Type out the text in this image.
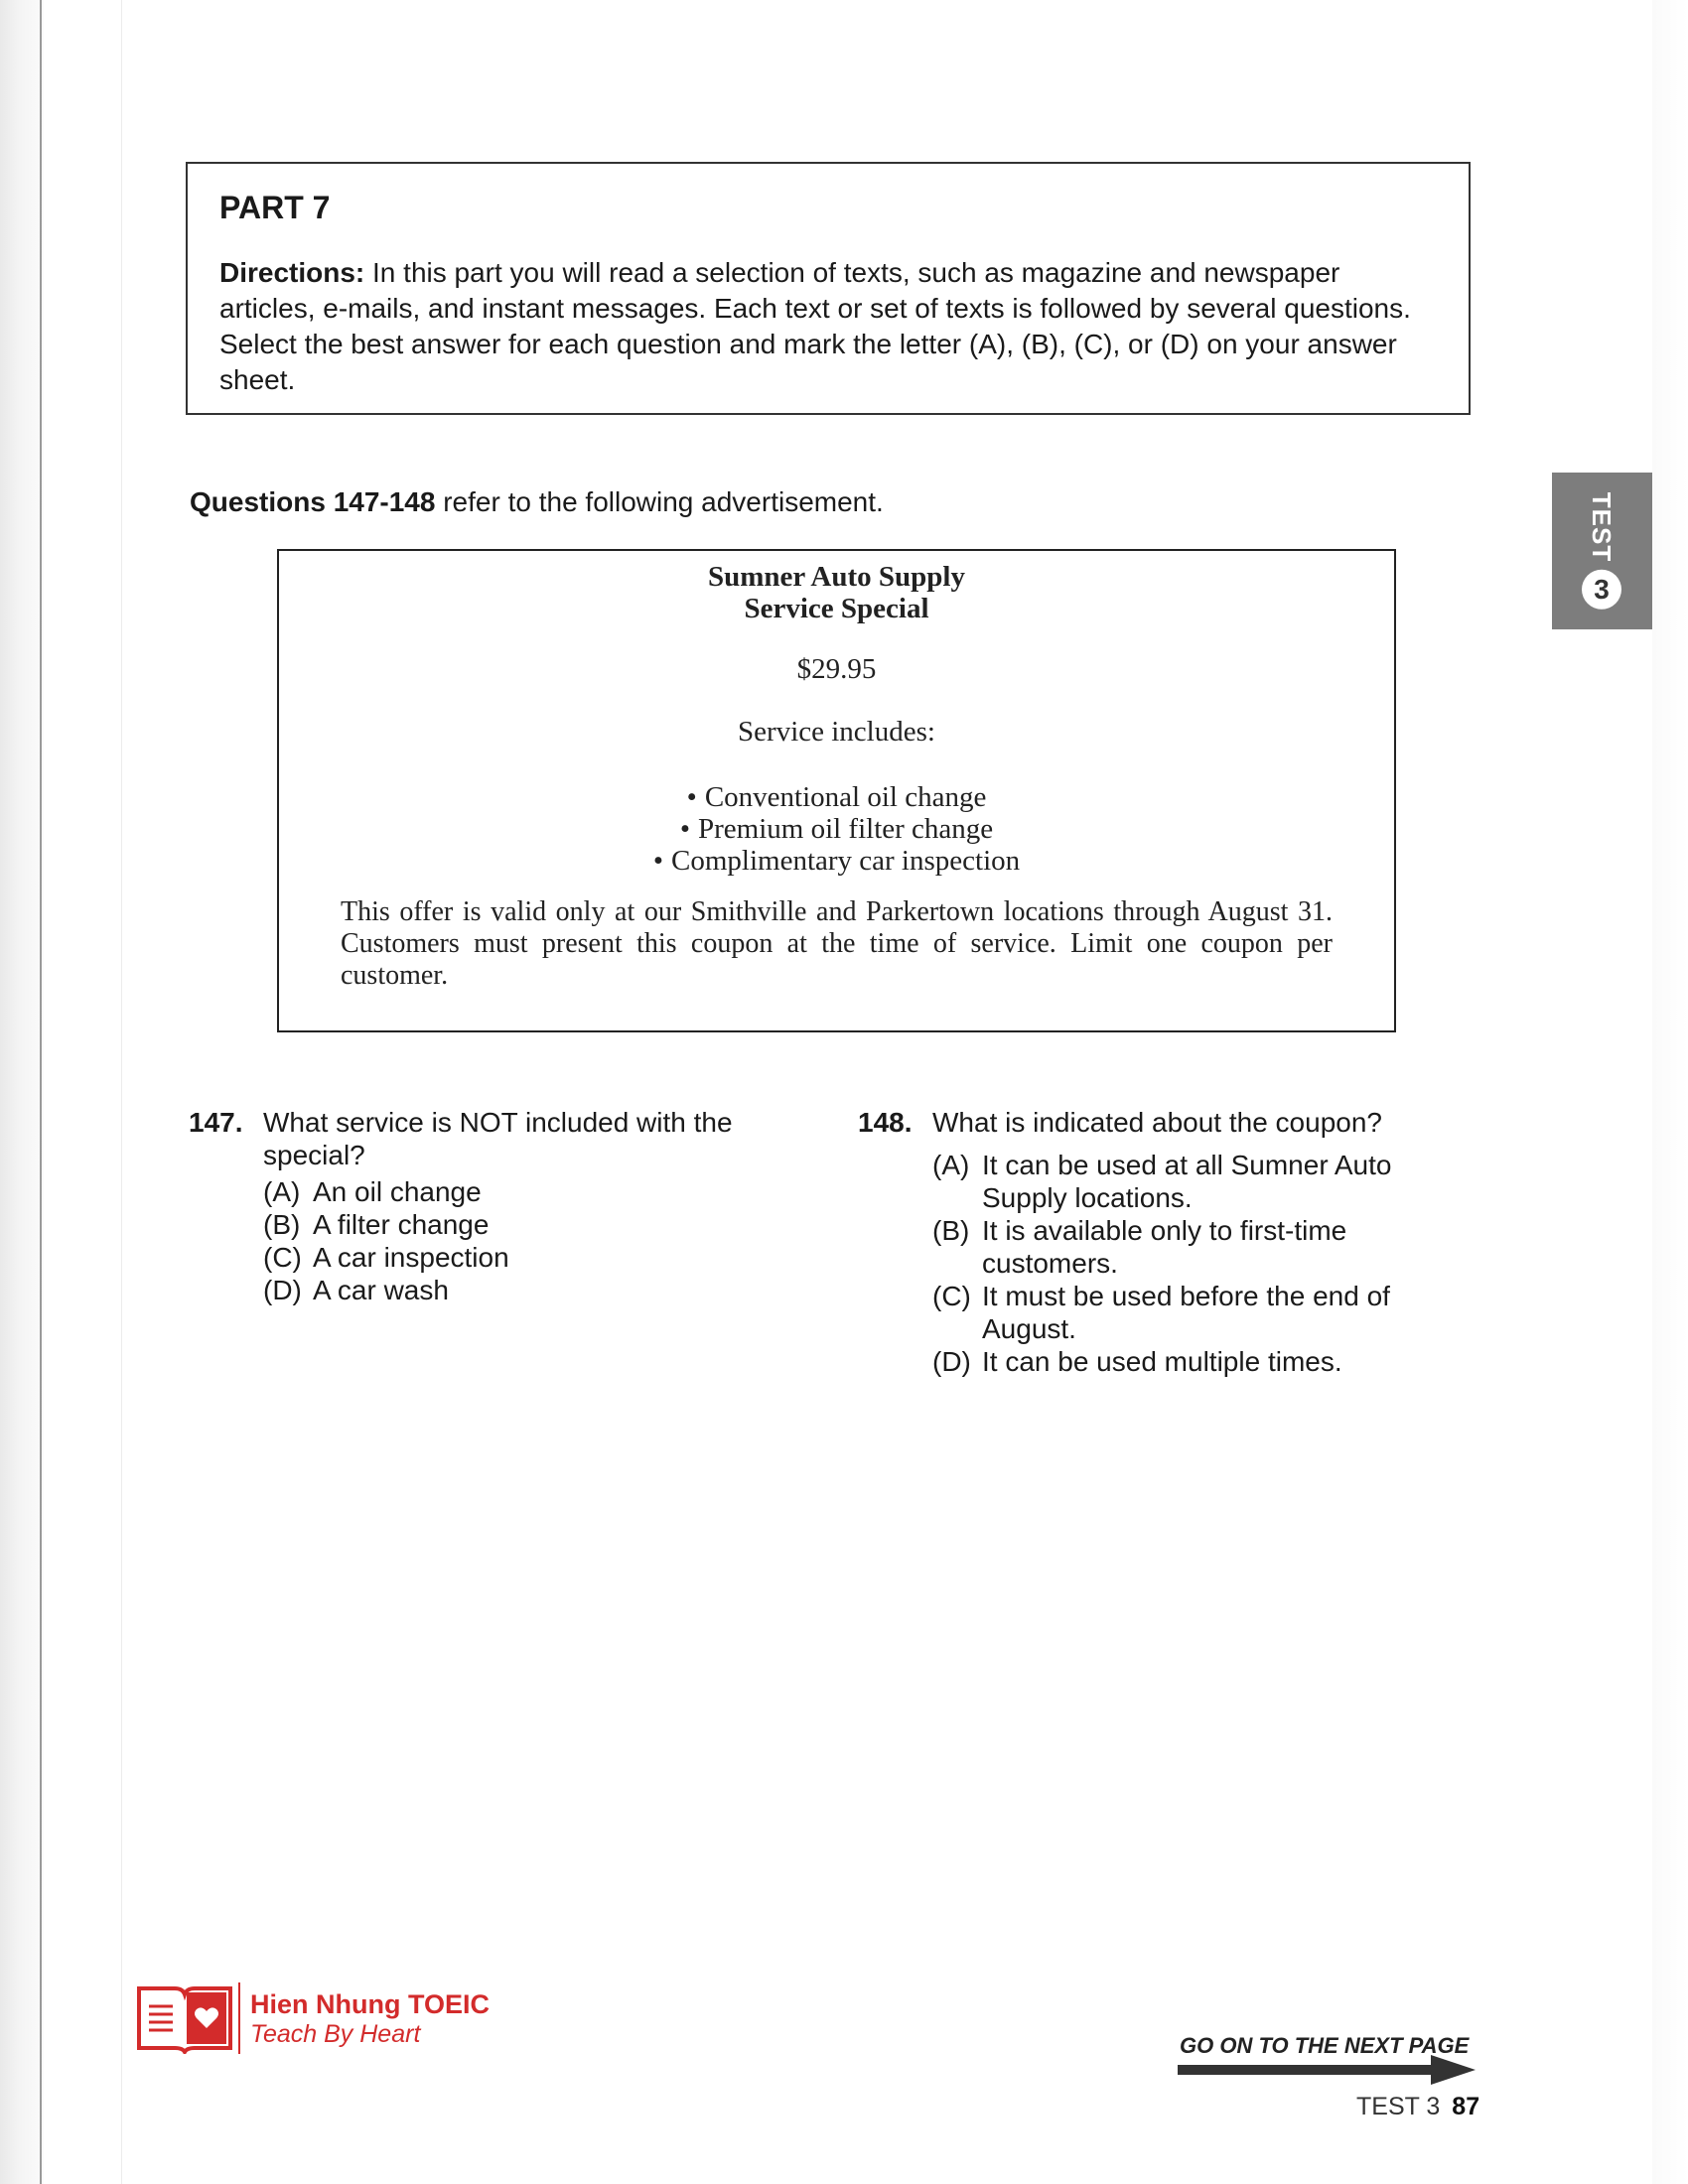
PART 7

Directions: In this part you will read a selection of texts, such as magazine and newspaper articles, e-mails, and instant messages. Each text or set of texts is followed by several questions. Select the best answer for each question and mark the letter (A), (B), (C), or (D) on your answer sheet.

TEST
3
Questions 147-148 refer to the following advertisement.
Sumner Auto Supply
Service Special
$29.95
Service includes:
• Conventional oil change
• Premium oil filter change
• Complimentary car inspection

This offer is valid only at our Smithville and Parkertown locations through August 31. Customers must present this coupon at the time of service. Limit one coupon per customer.

147. What service is NOT included with the special?
(A) An oil change
(B) A filter change
(C) A car inspection
(D) A car wash
148. What is indicated about the coupon?
(A) It can be used at all Sumner Auto Supply locations.
(B) It is available only to first-time customers.
(C) It must be used before the end of August.
(D) It can be used multiple times.
Hien Nhung TOEIC
Teach By Heart	GO ON TO THE NEXT PAGE
TEST 3 87
